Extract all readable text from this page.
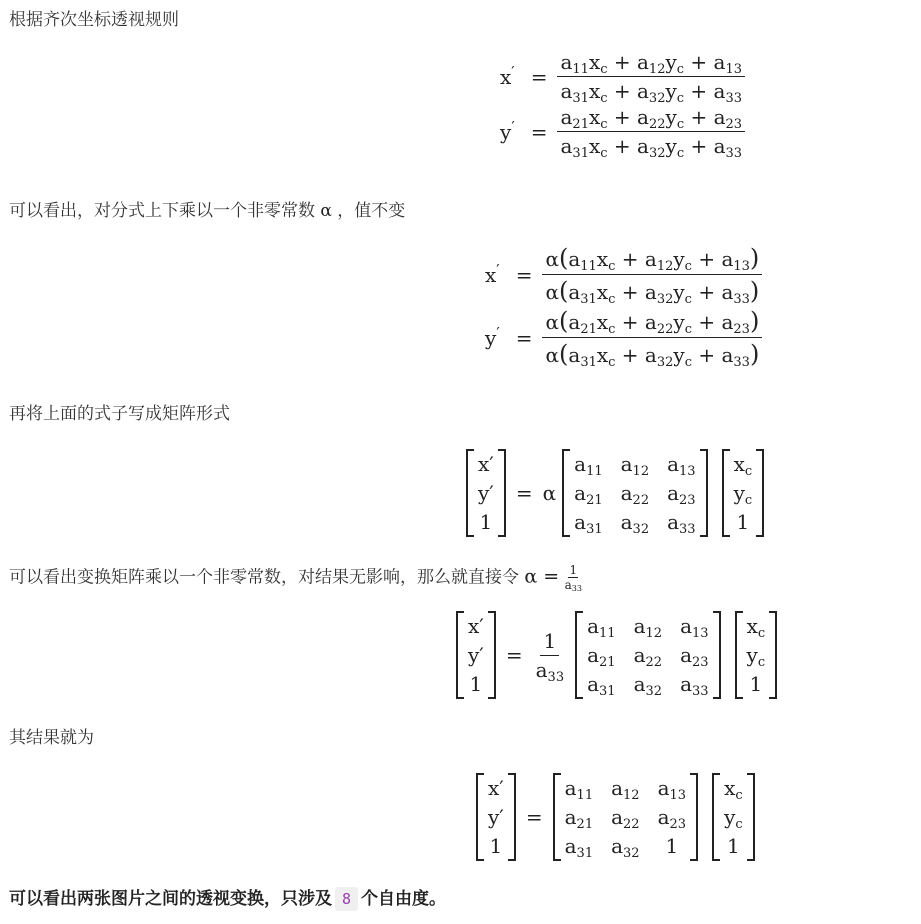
根据齐次坐标透视规则
$x' = \frac{a_{11}x_c + a_{12}y_c + a_{13}}{a_{31}x_c + a_{32}y_c + a_{33}}$
$y' = \frac{a_{21}x_c + a_{22}y_c + a_{23}}{a_{31}x_c + a_{32}y_c + a_{33}}$
可以看出，对分式上下乘以一个非零常数 α ，值不变
$x' = \frac{\alpha(a_{11}x_c + a_{12}y_c + a_{13})}{\alpha(a_{31}x_c + a_{32}y_c + a_{33})}$
$y' = \frac{\alpha(a_{21}x_c + a_{22}y_c + a_{23})}{\alpha(a_{31}x_c + a_{32}y_c + a_{33})}$
再将上面的式子写成矩阵形式
x′
y′
1
= α
$a_{11}$ $a_{12}$ $a_{13}$
$a_{21}$ $a_{22}$ $a_{23}$
$a_{31}$ $a_{32}$ $a_{33}$
$x_c$
$y_c$
1
可以看出变换矩阵乘以一个非零常数，对结果无影响，那么就直接令 $\alpha = \frac{1}{a_{33}}$
x′
y′
1
= $\frac{1}{a_{33}}$
$a_{11}$ $a_{12}$ $a_{13}$
$a_{21}$ $a_{22}$ $a_{23}$
$a_{31}$ $a_{32}$ $a_{33}$
$x_c$
$y_c$
1
其结果就为
x′
y′
1
=
$a_{11}$ $a_{12}$ $a_{13}$
$a_{21}$ $a_{22}$ $a_{23}$
$a_{31}$ $a_{32}$	1
$x_c$
$y_c$
1
可以看出两张图片之间的透视变换，只涉及 8 个自由度。
